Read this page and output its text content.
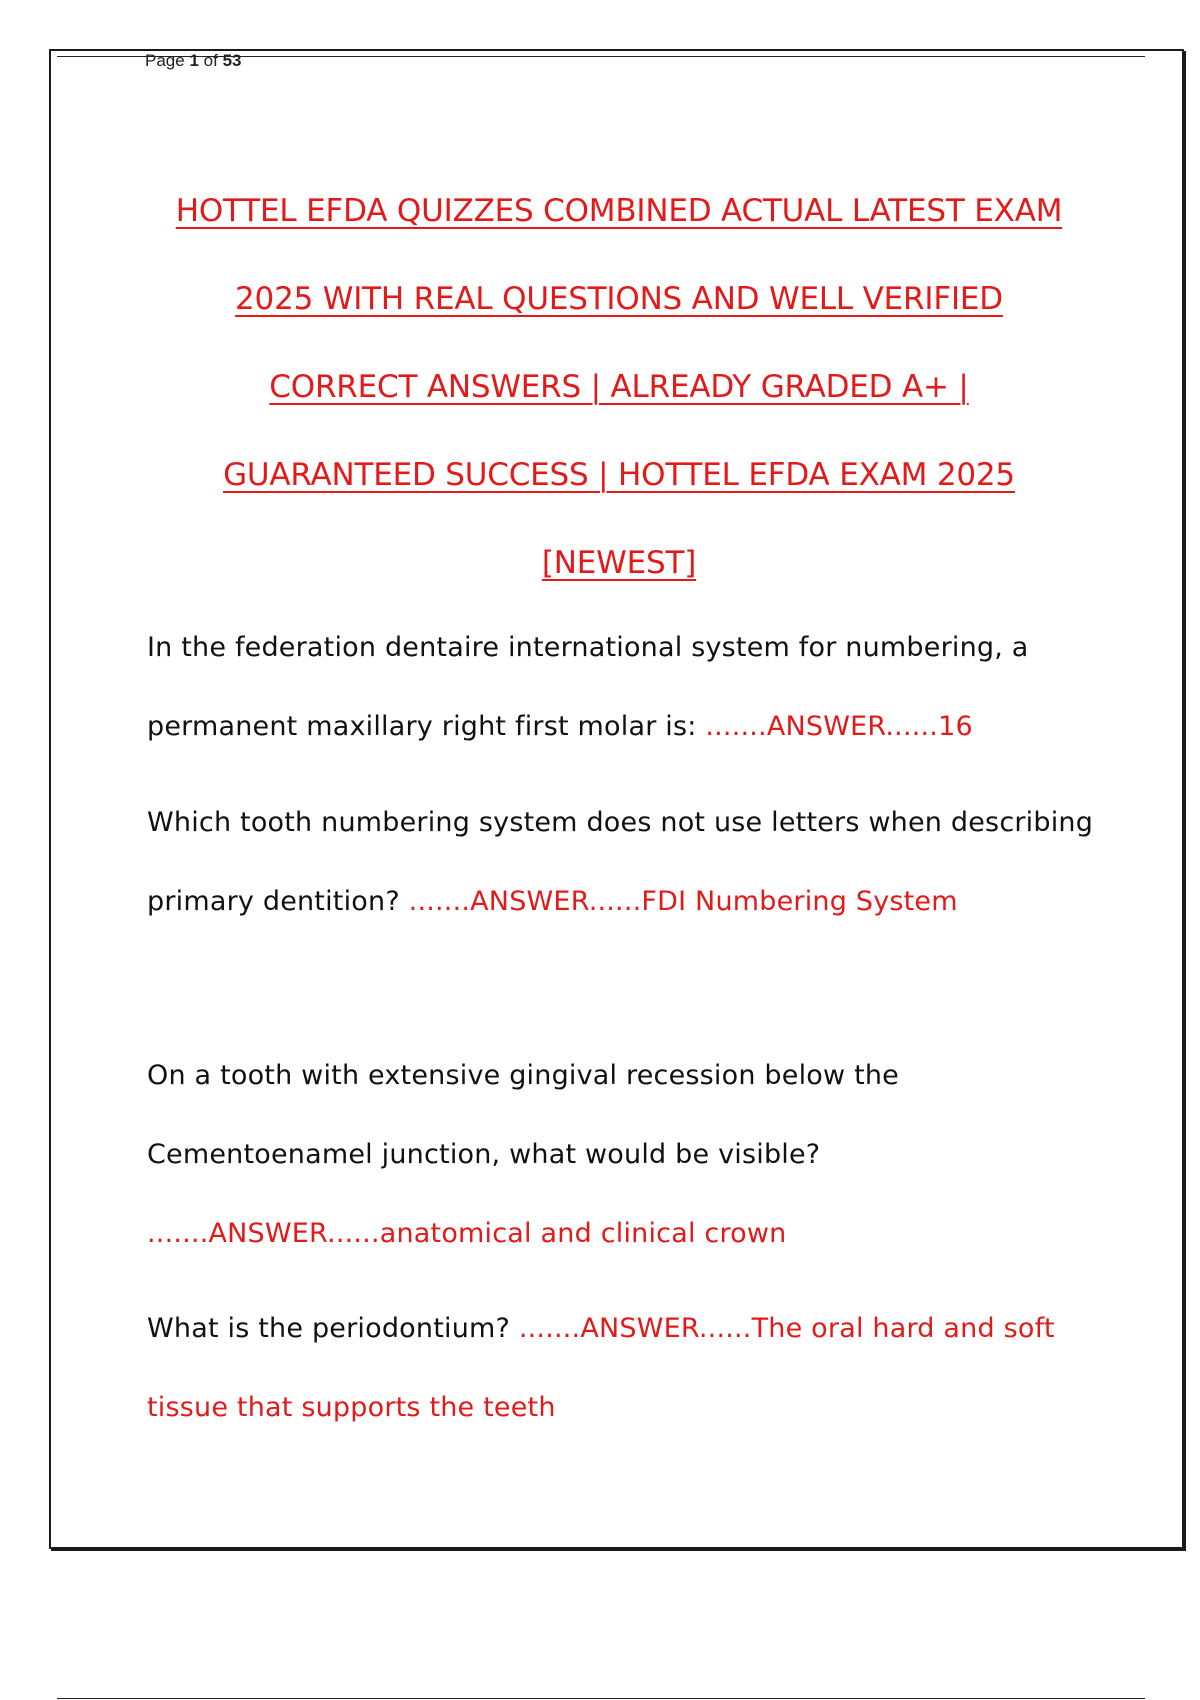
Page 1 of 53
HOTTEL EFDA QUIZZES COMBINED ACTUAL LATEST EXAM
2025 WITH REAL QUESTIONS AND WELL VERIFIED
CORRECT ANSWERS | ALREADY GRADED A+ |
GUARANTEED SUCCESS | HOTTEL EFDA EXAM 2025
[NEWEST]
In the federation dentaire international system for numbering, a permanent maxillary right first molar is: .......ANSWER......16
Which tooth numbering system does not use letters when describing primary dentition? .......ANSWER......FDI Numbering System
On a tooth with extensive gingival recession below the Cementoenamel junction, what would be visible? .......ANSWER......anatomical and clinical crown
What is the periodontium? .......ANSWER......The oral hard and soft tissue that supports the teeth
